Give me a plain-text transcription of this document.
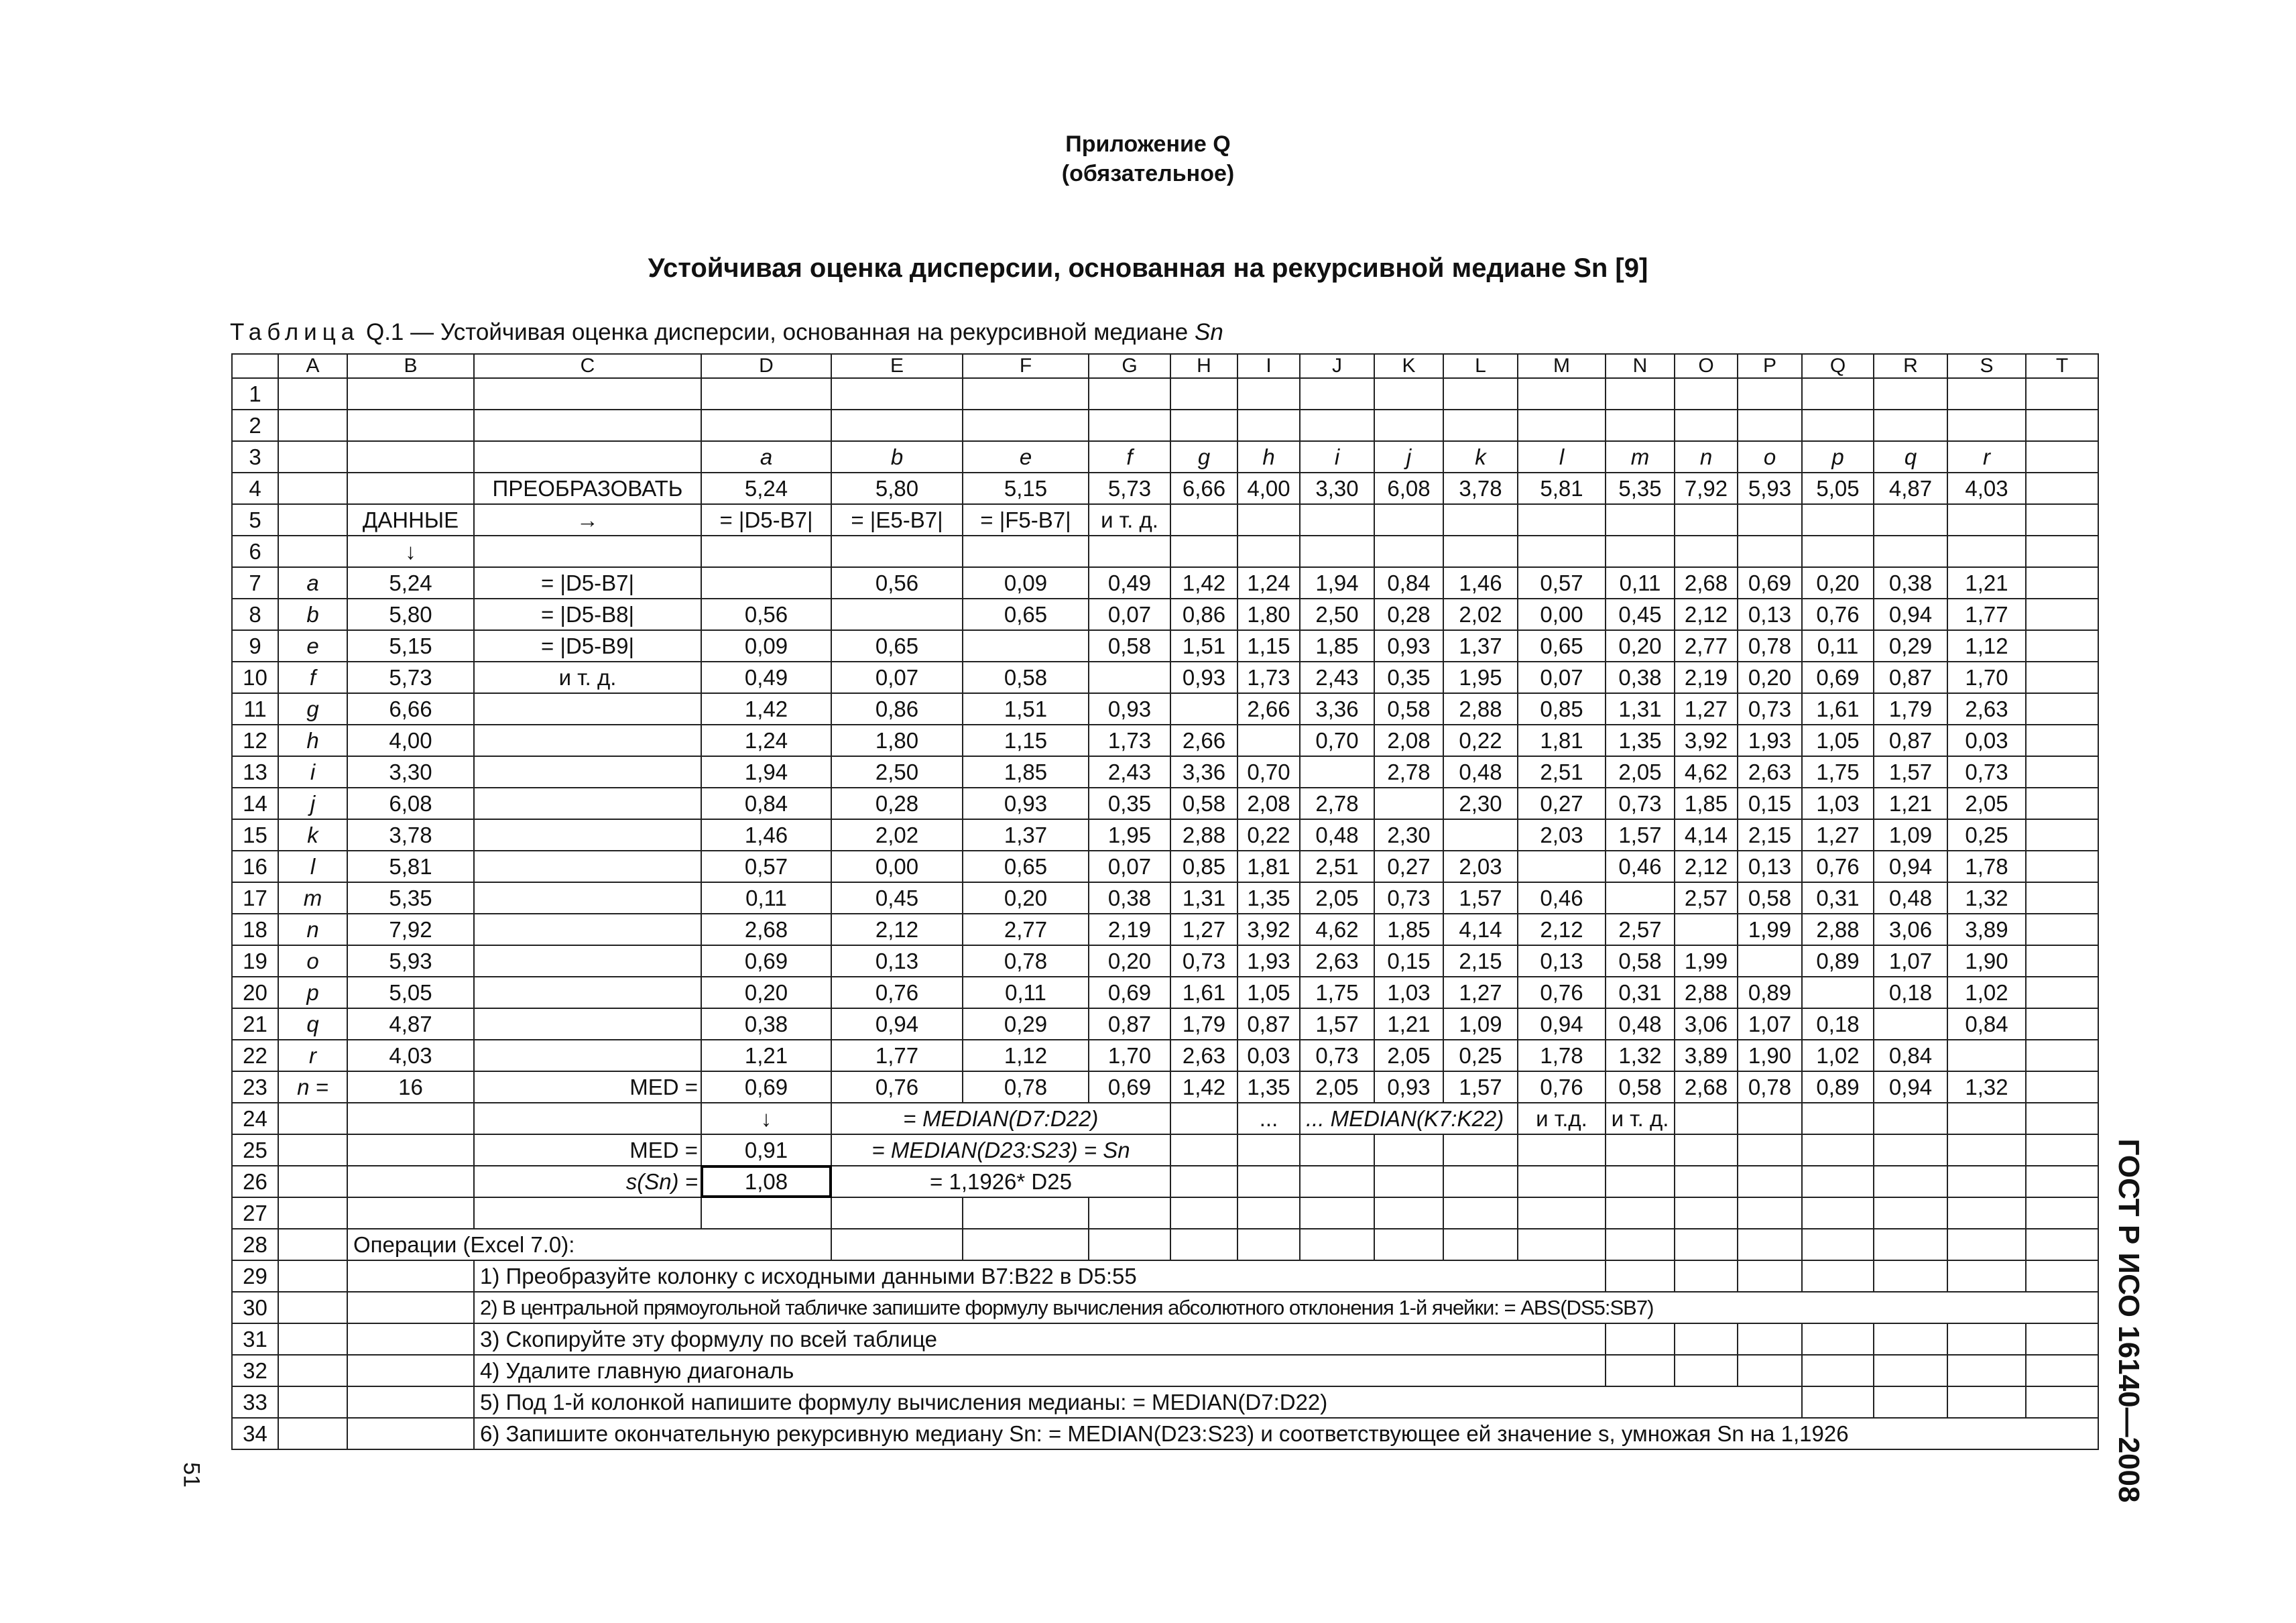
Приложение Q
(обязательное)
Устойчивая оценка дисперсии, основанная на рекурсивной медиане Sn [9]
Таблица Q.1 — Устойчивая оценка дисперсии, основанная на рекурсивной медиане Sn
ГОСТ Р ИСО 16140—2008
51
	A	B	C	D	E	F	G	H	I	J	K	L	M	N	O	P	Q	R	S	T
1																				
2																				
3				a	b	e	f	g	h	i	j	k	l	m	n	o	p	q	r	
4			ПРЕОБРАЗОВАТЬ	5,24	5,80	5,15	5,73	6,66	4,00	3,30	6,08	3,78	5,81	5,35	7,92	5,93	5,05	4,87	4,03	
5		ДАННЫЕ	→	= |D5-B7|	= |E5-B7|	= |F5-B7|	и т. д.													
6		↓																		
7	a	5,24	= |D5-B7|		0,56	0,09	0,49	1,42	1,24	1,94	0,84	1,46	0,57	0,11	2,68	0,69	0,20	0,38	1,21	
8	b	5,80	= |D5-B8|	0,56		0,65	0,07	0,86	1,80	2,50	0,28	2,02	0,00	0,45	2,12	0,13	0,76	0,94	1,77	
9	e	5,15	= |D5-B9|	0,09	0,65		0,58	1,51	1,15	1,85	0,93	1,37	0,65	0,20	2,77	0,78	0,11	0,29	1,12	
10	f	5,73	и т. д.	0,49	0,07	0,58		0,93	1,73	2,43	0,35	1,95	0,07	0,38	2,19	0,20	0,69	0,87	1,70	
11	g	6,66		1,42	0,86	1,51	0,93		2,66	3,36	0,58	2,88	0,85	1,31	1,27	0,73	1,61	1,79	2,63	
12	h	4,00		1,24	1,80	1,15	1,73	2,66		0,70	2,08	0,22	1,81	1,35	3,92	1,93	1,05	0,87	0,03	
13	i	3,30		1,94	2,50	1,85	2,43	3,36	0,70		2,78	0,48	2,51	2,05	4,62	2,63	1,75	1,57	0,73	
14	j	6,08		0,84	0,28	0,93	0,35	0,58	2,08	2,78		2,30	0,27	0,73	1,85	0,15	1,03	1,21	2,05	
15	k	3,78		1,46	2,02	1,37	1,95	2,88	0,22	0,48	2,30		2,03	1,57	4,14	2,15	1,27	1,09	0,25	
16	l	5,81		0,57	0,00	0,65	0,07	0,85	1,81	2,51	0,27	2,03		0,46	2,12	0,13	0,76	0,94	1,78	
17	m	5,35		0,11	0,45	0,20	0,38	1,31	1,35	2,05	0,73	1,57	0,46		2,57	0,58	0,31	0,48	1,32	
18	n	7,92		2,68	2,12	2,77	2,19	1,27	3,92	4,62	1,85	4,14	2,12	2,57		1,99	2,88	3,06	3,89	
19	o	5,93		0,69	0,13	0,78	0,20	0,73	1,93	2,63	0,15	2,15	0,13	0,58	1,99		0,89	1,07	1,90	
20	p	5,05		0,20	0,76	0,11	0,69	1,61	1,05	1,75	1,03	1,27	0,76	0,31	2,88	0,89		0,18	1,02	
21	q	4,87		0,38	0,94	0,29	0,87	1,79	0,87	1,57	1,21	1,09	0,94	0,48	3,06	1,07	0,18		0,84	
22	r	4,03		1,21	1,77	1,12	1,70	2,63	0,03	0,73	2,05	0,25	1,78	1,32	3,89	1,90	1,02	0,84		
23	n =	16	MED =	0,69	0,76	0,78	0,69	1,42	1,35	2,05	0,93	1,57	0,76	0,58	2,68	0,78	0,89	0,94	1,32	
24				↓	= MEDIAN(D7:D22)				...	... MEDIAN(K7:K22)			и т.д.	и т. д.						
25			MED =	0,91	= MEDIAN(D23:S23) = Sn															
26			s(Sn) =	1,08	= 1,1926* D25															
27																				
28		Операции (Excel 7.0):																		
29			1) Преобразуйте колонку с исходными данными B7:B22 в D5:55																	
30			2) В центральной прямоугольной табличке запишите формулу вычисления абсолютного отклонения 1-й ячейки: = ABS(DS5:SB7)																	
31			3) Скопируйте эту формулу по всей таблице																	
32			4) Удалите главную диагональ																	
33			5) Под 1-й колонкой напишите формулу вычисления медианы: = MEDIAN(D7:D22)																	
34			6) Запишите окончательную рекурсивную медиану Sn: = MEDIAN(D23:S23) и соответствующее ей значение s, умножая Sn на 1,1926																	
